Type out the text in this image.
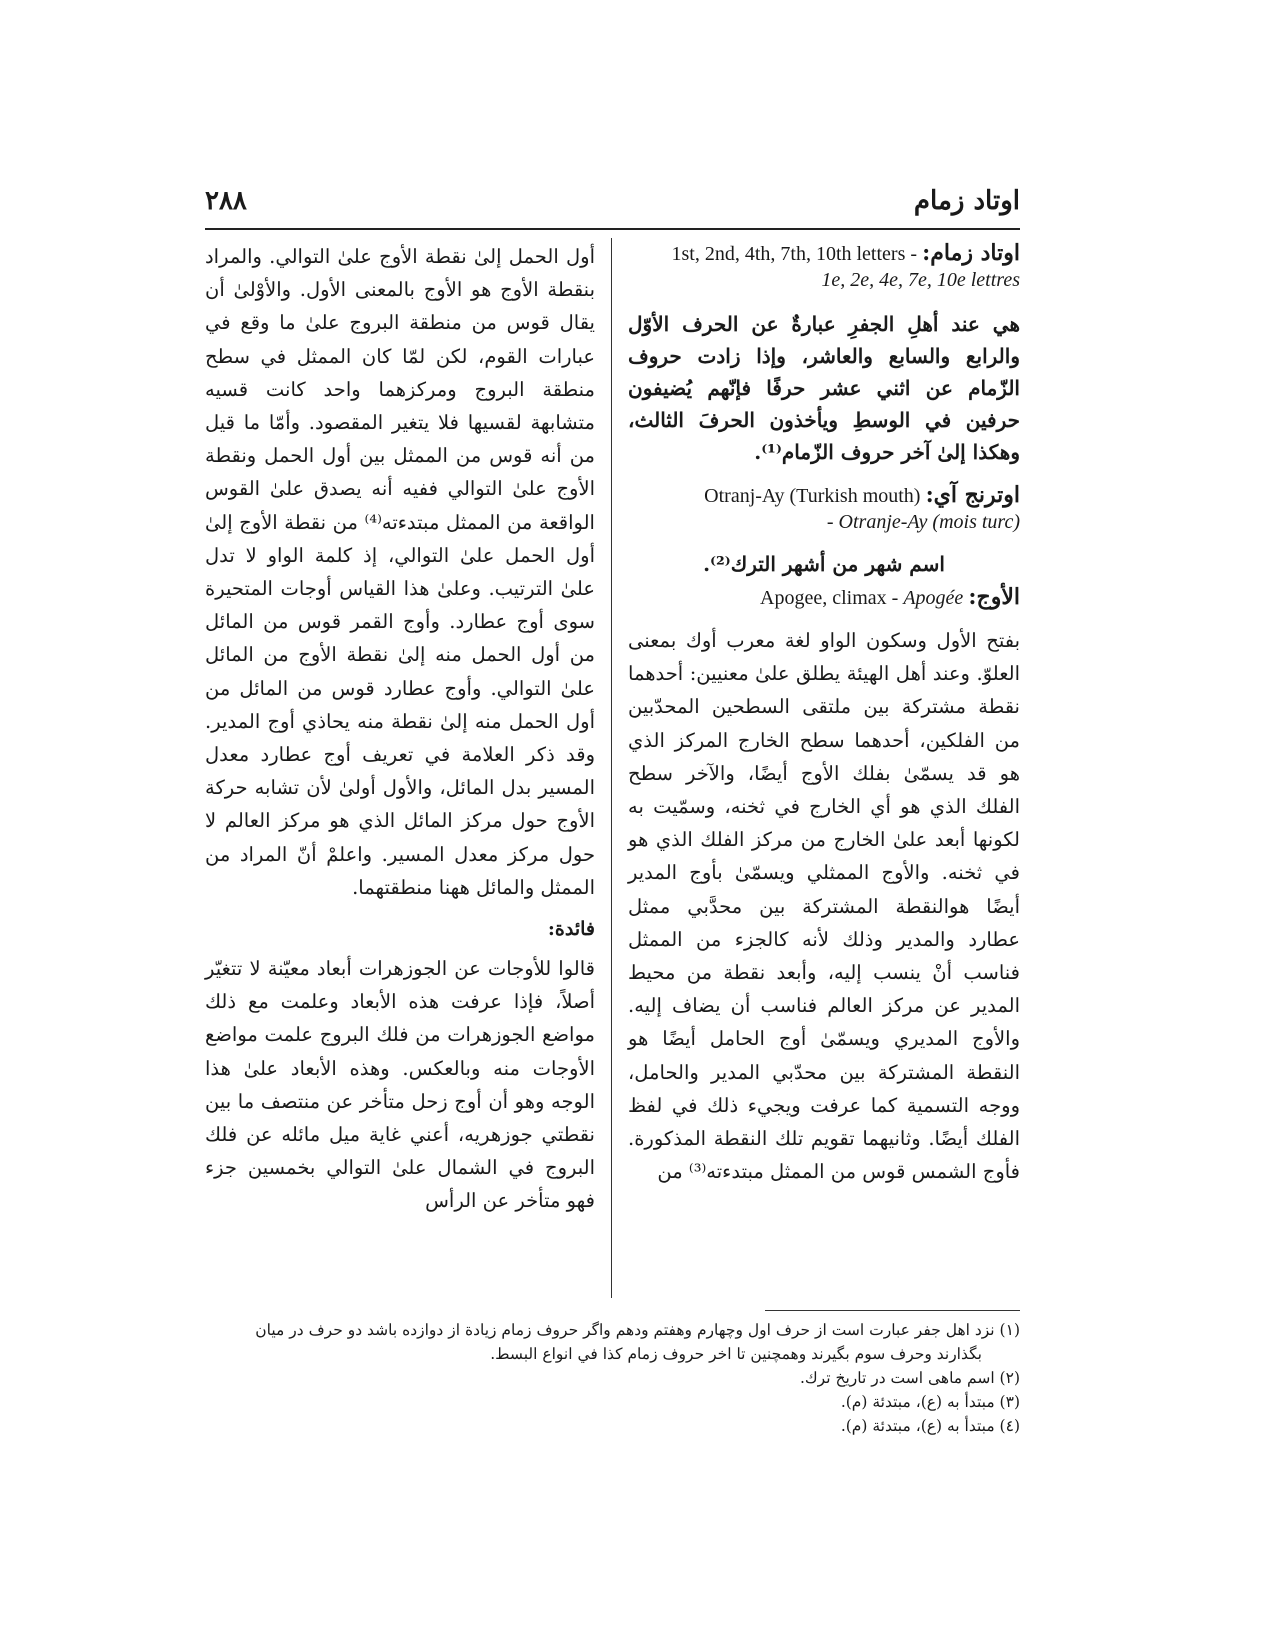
٢٨٨	اوتاد زمام

اوتاد زمام: 1st, 2nd, 4th, 7th, 10th letters -

1e, 2e, 4e, 7e, 10e lettres

هي عند أهلِ الجفرِ عبارةٌ عن الحرف الأوّل والرابع والسابع والعاشر، وإذا زادت حروف الزّمام عن اثني عشر حرفًا فإنّهم يُضيفون حرفين في الوسطِ ويأخذون الحرفَ الثالث، وهكذا إلىٰ آخر حروف الزّمام⁽¹⁾.

اوترنج آي: Otranj-Ay (Turkish mouth)

- Otranje-Ay (mois turc)

اسم شهر من أشهر الترك⁽²⁾.

الأوج: Apogee, climax - Apogée

بفتح الأول وسكون الواو لغة معرب أوك بمعنى العلوّ. وعند أهل الهيئة يطلق علىٰ معنيين: أحدهما نقطة مشتركة بين ملتقى السطحين المحدّبين من الفلكين، أحدهما سطح الخارج المركز الذي هو قد يسمّىٰ بفلك الأوج أيضًا، والآخر سطح الفلك الذي هو أي الخارج في ثخنه، وسمّيت به لكونها أبعد علىٰ الخارج من مركز الفلك الذي هو في ثخنه. والأوج الممثلي ويسمّىٰ بأوج المدير أيضًا هوالنقطة المشتركة بين محدَّبي ممثل عطارد والمدير وذلك لأنه كالجزء من الممثل فناسب أنْ ينسب إليه، وأبعد نقطة من محيط المدير عن مركز العالم فناسب أن يضاف إليه. والأوج المديري ويسمّىٰ أوج الحامل أيضًا هو النقطة المشتركة بين محدّبي المدير والحامل، ووجه التسمية كما عرفت ويجيء ذلك في لفظ الفلك أيضًا. وثانيهما تقويم تلك النقطة المذكورة. فأوج الشمس قوس من الممثل مبتدءته⁽³⁾ من

أول الحمل إلىٰ نقطة الأوج علىٰ التوالي. والمراد بنقطة الأوج هو الأوج بالمعنى الأول. والأوْلىٰ أن يقال قوس من منطقة البروج علىٰ ما وقع في عبارات القوم، لكن لمّا كان الممثل في سطح منطقة البروج ومركزهما واحد كانت قسيه متشابهة لقسيها فلا يتغير المقصود. وأمّا ما قيل من أنه قوس من الممثل بين أول الحمل ونقطة الأوج علىٰ التوالي ففيه أنه يصدق علىٰ القوس الواقعة من الممثل مبتدءته⁽⁴⁾ من نقطة الأوج إلىٰ أول الحمل علىٰ التوالي، إذ كلمة الواو لا تدل علىٰ الترتيب. وعلىٰ هذا القياس أوجات المتحيرة سوى أوج عطارد. وأوج القمر قوس من المائل من أول الحمل منه إلىٰ نقطة الأوج من المائل علىٰ التوالي. وأوج عطارد قوس من المائل من أول الحمل منه إلىٰ نقطة منه يحاذي أوج المدير. وقد ذكر العلامة في تعريف أوج عطارد معدل المسير بدل المائل، والأول أولىٰ لأن تشابه حركة الأوج حول مركز المائل الذي هو مركز العالم لا حول مركز معدل المسير. واعلمْ أنّ المراد من الممثل والمائل ههنا منطقتهما.

فائدة:

قالوا للأوجات عن الجوزهرات أبعاد معيّنة لا تتغيّر أصلاً، فإذا عرفت هذه الأبعاد وعلمت مع ذلك مواضع الجوزهرات من فلك البروج علمت مواضع الأوجات منه وبالعكس. وهذه الأبعاد علىٰ هذا الوجه وهو أن أوج زحل متأخر عن منتصف ما بين نقطتي جوزهريه، أعني غاية ميل مائله عن فلك البروج في الشمال علىٰ التوالي بخمسين جزء فهو متأخر عن الرأس

(١) نزد اهل جفر عبارت است از حرف اول وچهارم وهفتم ودهم واگر حروف زمام زيادة از دوازده باشد دو حرف در ميان

بگذارند وحرف سوم بگيرند وهمچنين تا اخر حروف زمام كذا في انواع البسط.

(٢) اسم ماهى است در تاريخ ترك.

(٣) مبتدأ به (ع)، مبتدئة (م).

(٤) مبتدأ به (ع)، مبتدئة (م).
